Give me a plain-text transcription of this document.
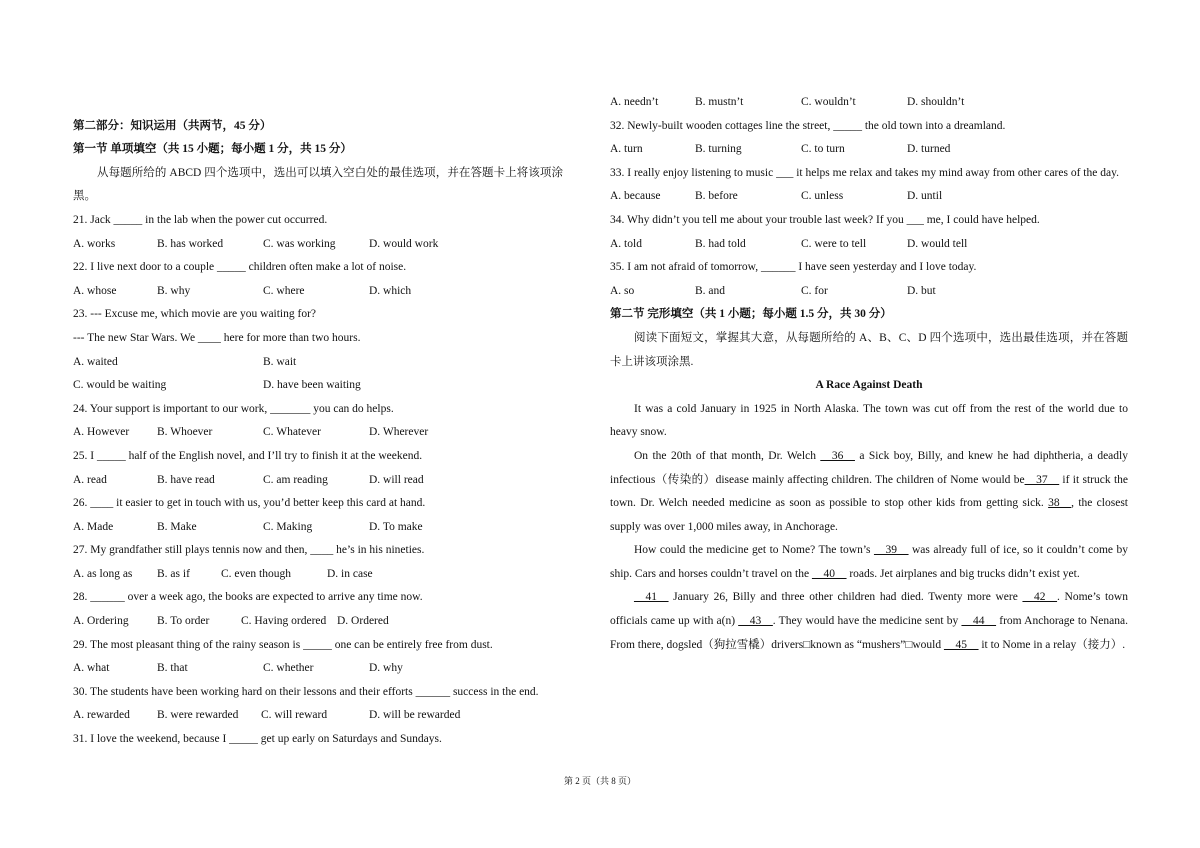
第二部分：知识运用（共两节，45 分）
第一节 单项填空（共 15 小题；每小题 1 分，共 15 分）
从每题所给的 ABCD 四个选项中，选出可以填入空白处的最佳选项，并在答题卡上将该项涂黑。
21. Jack _____ in the lab when the power cut occurred.
A. works	B. has worked	C. was working	D. would work
22. I live next door to a couple _____ children often make a lot of noise.
A. whose	B. why	C. where	D. which
23. --- Excuse me, which movie are you waiting for?
--- The new Star Wars. We ____ here for more than two hours.
A. waited	B. wait
C. would be waiting	D. have been waiting
24. Your support is important to our work, _______ you can do helps.
A. However	B. Whoever	C. Whatever	D. Wherever
25. I _____ half of the English novel, and I’ll try to finish it at the weekend.
A. read	B. have read	C. am reading	D. will read
26. ____ it easier to get in touch with us, you’d better keep this card at hand.
A. Made	B. Make	C. Making	D. To make
27. My grandfather still plays tennis now and then, ____ he’s in his nineties.
A. as long as	B. as if	C. even though	D. in case
28. ______ over a week ago, the books are expected to arrive any time now.
A. Ordering	B. To order	C. Having ordered D. Ordered
29. The most pleasant thing of the rainy season is _____ one can be entirely free from dust.
A. what	B. that	C. whether	D. why
30. The students have been working hard on their lessons and their efforts ______ success in the end.
A. rewarded	B. were rewarded	C. will reward	D. will be rewarded
31. I love the weekend, because I _____ get up early on Saturdays and Sundays.
A. needn’t	B. mustn’t	C. wouldn’t	D. shouldn’t
32. Newly-built wooden cottages line the street, _____ the old town into a dreamland.
A. turn	B. turning	C. to turn	D. turned
33. I really enjoy listening to music ___ it helps me relax and takes my mind away from other cares of the day.
A. because	B. before	C. unless	D. until
34. Why didn’t you tell me about your trouble last week? If you ___ me, I could have helped.
A. told	B. had told	C. were to tell	D. would tell
35. I am not afraid of tomorrow, ______ I have seen yesterday and I love today.
A. so	B. and	C. for	D. but
第二节 完形填空（共 1 小题；每小题 1.5 分，共 30 分）
阅读下面短文，掌握其大意，从每题所给的 A、B、C、D 四个选项中，选出最佳选项，并在答题卡上讲该项涂黑.
A Race Against Death
It was a cold January in 1925 in North Alaska. The town was cut off from the rest of the world due to heavy snow.
On the 20th of that month, Dr. Welch __36__ a Sick boy, Billy, and knew he had diphtheria, a deadly infectious（传染的）disease mainly affecting children. The children of Nome would be__37__ if it struck the town. Dr. Welch needed medicine as soon as possible to stop other kids from getting sick. 38__, the closest supply was over 1,000 miles away, in Anchorage.
How could the medicine get to Nome? The town’s __39__ was already full of ice, so it couldn’t come by ship. Cars and horses couldn’t travel on the __40__ roads. Jet airplanes and big trucks didn’t exist yet.
__41__ January 26, Billy and three other children had died. Twenty more were __42__. Nome’s town officials came up with a(n) __43__. They would have the medicine sent by __44__ from Anchorage to Nenana. From there, dogsled（狗拉雪橇）drivers□known as “mushers”□would __45__ it to Nome in a relay（接力）.
第 2 页（共 8 页）
